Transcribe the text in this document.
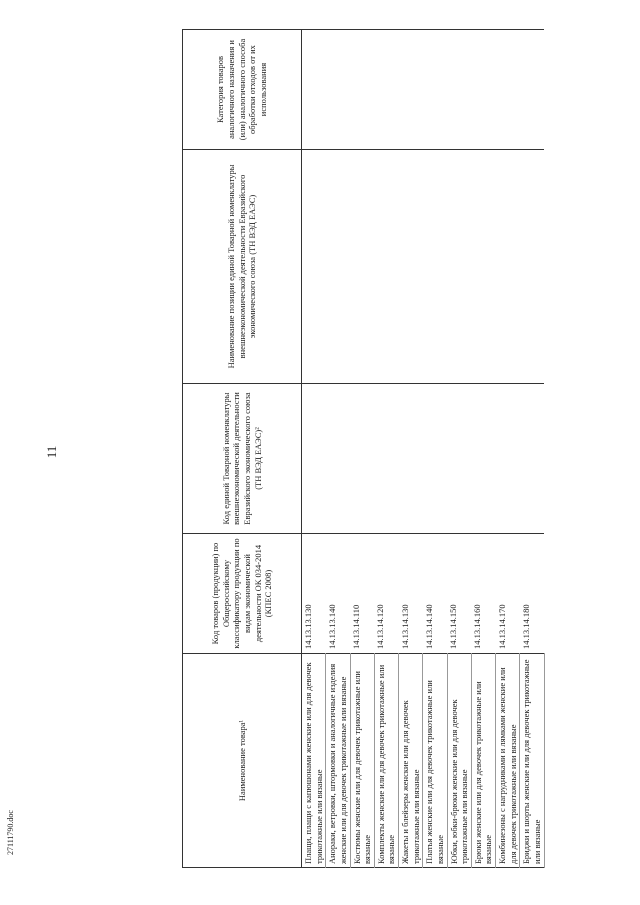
11
Наименование товара¹	Код товаров (продукции) по Общероссийскому классификатору продукции по видам экономической деятельности ОК 034-2014 (КПЕС 2008)	Код единой Товарной номенклатуры внешнеэкономической деятельности Евразийского экономического союза (ТН ВЭД ЕАЭС)²	Наименование позиции единой Товарной номенклатуры внешнеэкономической деятельности Евразийского экономического союза (ТН ВЭД ЕАЭС)	Категория товаров аналогичного назначения и (или) аналогичного способа обработки отходов от их использования
Плащи, плащи с капюшонами женские или для девочек трикотажные или вязаные	14.13.13.130			
Анораки, ветровки, штормовки и аналогичные изделия женские или для девочек трикотажные или вязаные	14.13.13.140			
Костюмы женские или для девочек трикотажные или вязаные	14.13.14.110			
Комплекты женские или для девочек трикотажные или вязаные	14.13.14.120			
Жакеты и блейзеры женские или для девочек трикотажные или вязаные	14.13.14.130			
Платья женские или для девочек трикотажные или вязаные	14.13.14.140			
Юбки, юбки-брюки женские или для девочек трикотажные или вязаные	14.13.14.150			
Брюки женские или для девочек трикотажные или вязаные	14.13.14.160			
Комбинезоны с нагрудниками и лямками женские или для девочек трикотажные или вязаные	14.13.14.170			
Бриджи и шорты женские или для девочек трикотажные или вязаные	14.13.14.180			
27111790.doc
